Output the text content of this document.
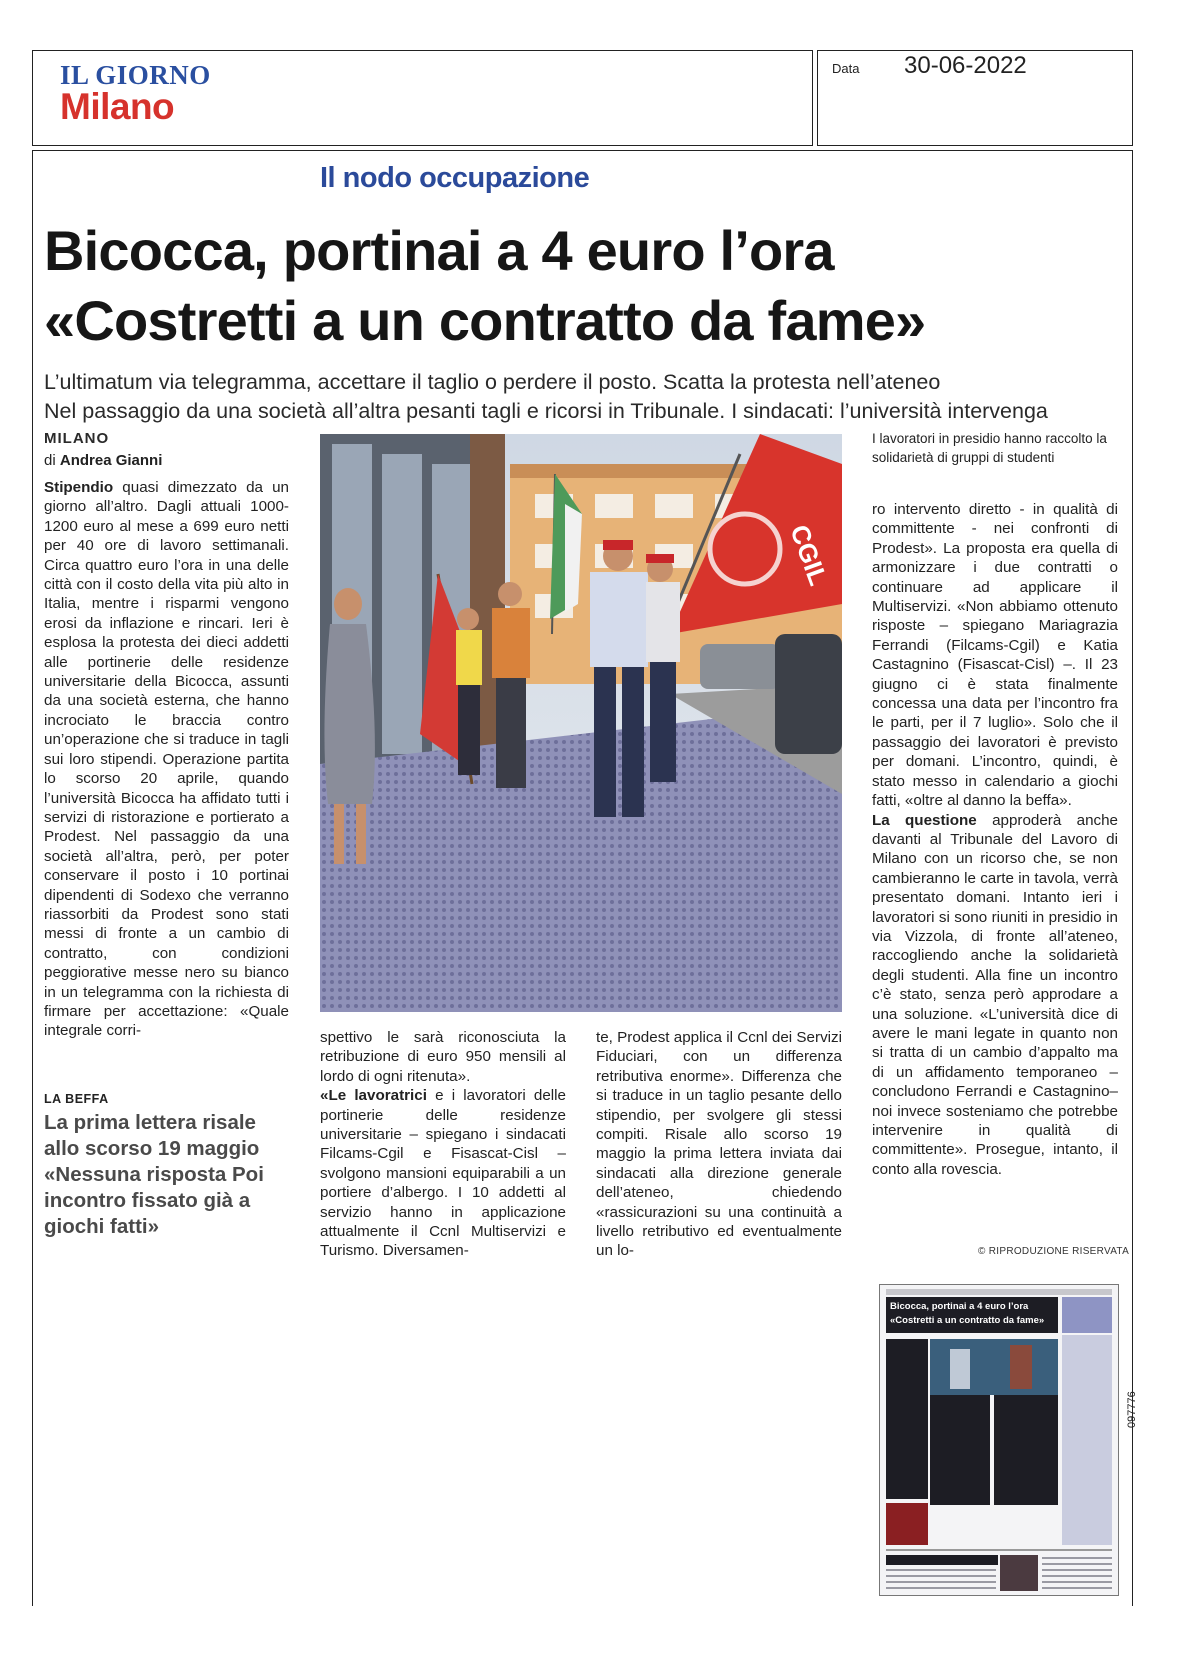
IL GIORNO
Milano
Data 30-06-2022
Il nodo occupazione
Bicocca, portinai a 4 euro l’ora
«Costretti a un contratto da fame»
L’ultimatum via telegramma, accettare il taglio o perdere il posto. Scatta la protesta nell’ateneo
Nel passaggio da una società all’altra pesanti tagli e ricorsi in Tribunale. I sindacati: l’università intervenga
MILANO
di Andrea Gianni
Stipendio quasi dimezzato da un giorno all’altro. Dagli attuali 1000-1200 euro al mese a 699 euro netti per 40 ore di lavoro settimanali. Circa quattro euro l’ora in una delle città con il costo della vita più alto in Italia, mentre i risparmi vengono erosi da inflazione e rincari. Ieri è esplosa la protesta dei dieci addetti alle portinerie delle residenze universitarie della Bicocca, assunti da una società esterna, che hanno incrociato le braccia contro un’operazione che si traduce in tagli sui loro stipendi. Operazione partita lo scorso 20 aprile, quando l’università Bicocca ha affidato tutti i servizi di ristorazione e portierato a Prodest. Nel passaggio da una società all’altra, però, per poter conservare il posto i 10 portinai dipendenti di Sodexo che verranno riassorbiti da Prodest sono stati messi di fronte a un cambio di contratto, con condizioni peggiorative messe nero su bianco in un telegramma con la richiesta di firmare per accettazione: «Quale integrale corri-
LA BEFFA
La prima lettera risale allo scorso 19 maggio «Nessuna risposta Poi incontro fissato già a giochi fatti»
CGIL
I lavoratori in presidio hanno raccolto la solidarietà di gruppi di studenti
spettivo le sarà riconosciuta la retribuzione di euro 950 mensili al lordo di ogni ritenuta».
«Le lavoratrici e i lavoratori delle portinerie delle residenze universitarie – spiegano i sindacati Filcams-Cgil e Fisascat-Cisl – svolgono mansioni equiparabili a un portiere d’albergo. I 10 addetti al servizio hanno in applicazione attualmente il Ccnl Multiservizi e Turismo. Diversamen-
te, Prodest applica il Ccnl dei Servizi Fiduciari, con un differenza retributiva enorme». Differenza che si traduce in un taglio pesante dello stipendio, per svolgere gli stessi compiti. Risale allo scorso 19 maggio la prima lettera inviata dai sindacati alla direzione generale dell’ateneo, chiedendo «rassicurazioni su una continuità a livello retributivo ed eventualmente un lo-
ro intervento diretto - in qualità di committente - nei confronti di Prodest». La proposta era quella di armonizzare i due contratti o continuare ad applicare il Multiservizi. «Non abbiamo ottenuto risposte – spiegano Mariagrazia Ferrandi (Filcams-Cgil) e Katia Castagnino (Fisascat-Cisl) –. Il 23 giugno ci è stata finalmente concessa una data per l’incontro fra le parti, per il 7 luglio». Solo che il passaggio dei lavoratori è previsto per domani. L’incontro, quindi, è stato messo in calendario a giochi fatti, «oltre al danno la beffa».
La questione approderà anche davanti al Tribunale del Lavoro di Milano con un ricorso che, se non cambieranno le carte in tavola, verrà presentato domani. Intanto ieri i lavoratori si sono riuniti in presidio in via Vizzola, di fronte all’ateneo, raccogliendo anche la solidarietà degli studenti. Alla fine un incontro c’è stato, senza però approdare a una soluzione. «L’università dice di avere le mani legate in quanto non si tratta di un cambio d’appalto ma di un affidamento temporaneo – concludono Ferrandi e Castagnino– noi invece sosteniamo che potrebbe intervenire in qualità di committente». Prosegue, intanto, il conto alla rovescia.
© RIPRODUZIONE RISERVATA
Bicocca, portinai a 4 euro l’ora
«Costretti a un contratto da fame»
097776
